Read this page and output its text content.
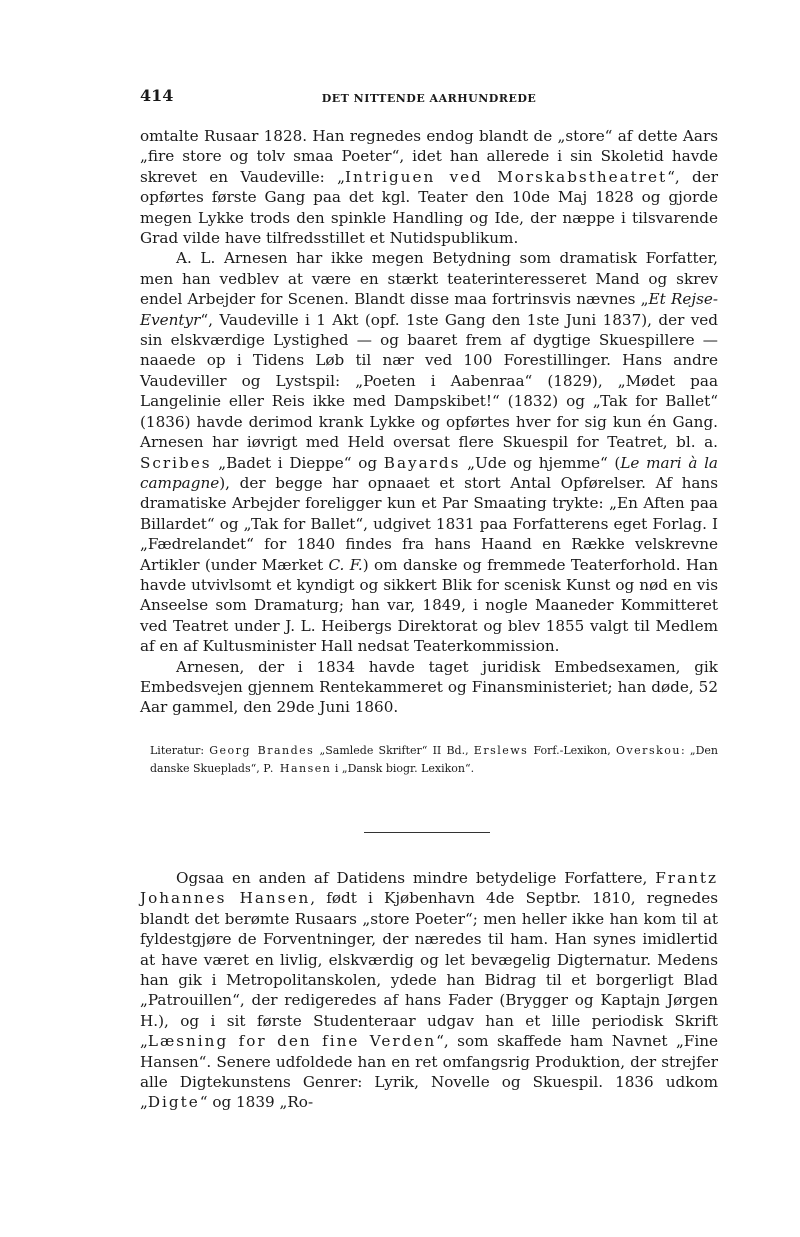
414	DET NITTENDE AARHUNDREDE

omtalte Rusaar 1828. Han regnedes endog blandt de „store“ af dette Aars „fire store og tolv smaa Poeter“, idet han allerede i sin Skoletid havde skrevet en Vaudeville: „Intriguen ved Morskabstheatret“, der opførtes første Gang paa det kgl. Teater den 10de Maj 1828 og gjorde megen Lykke trods den spinkle Handling og Ide, der næppe i tilsvarende Grad vilde have tilfredsstillet et Nutidspublikum.

A. L. Arnesen har ikke megen Betydning som dramatisk Forfatter, men han vedblev at være en stærkt teaterinteresseret Mand og skrev endel Arbejder for Scenen. Blandt disse maa fortrinsvis nævnes „Et Rejse-Eventyr“, Vaudeville i 1 Akt (opf. 1ste Gang den 1ste Juni 1837), der ved sin elskværdige Lystighed — og baaret frem af dygtige Skuespillere — naaede op i Tidens Løb til nær ved 100 Forestillinger. Hans andre Vaudeviller og Lystspil: „Poeten i Aabenraa“ (1829), „Mødet paa Langelinie eller Reis ikke med Dampskibet!“ (1832) og „Tak for Ballet“ (1836) havde derimod krank Lykke og opførtes hver for sig kun én Gang. Arnesen har iøvrigt med Held oversat flere Skuespil for Teatret, bl. a. Scribes „Badet i Dieppe“ og Bayards „Ude og hjemme“ (Le mari à la campagne), der begge har opnaaet et stort Antal Opførelser. Af hans dramatiske Arbejder foreligger kun et Par Smaating trykte: „En Aften paa Billardet“ og „Tak for Ballet“, udgivet 1831 paa Forfatterens eget Forlag. I „Fædrelandet“ for 1840 findes fra hans Haand en Række velskrevne Artikler (under Mærket C. F.) om danske og fremmede Teaterforhold. Han havde utvivlsomt et kyndigt og sikkert Blik for scenisk Kunst og nød en vis Anseelse som Dramaturg; han var, 1849, i nogle Maaneder Kommitteret ved Teatret under J. L. Heibergs Direktorat og blev 1855 valgt til Medlem af en af Kultusminister Hall nedsat Teaterkommission.

Arnesen, der i 1834 havde taget juridisk Embedsexamen, gik Embedsvejen gjennem Rentekammeret og Finansministeriet; han døde, 52 Aar gammel, den 29de Juni 1860.

Literatur: Georg Brandes „Samlede Skrifter“ II Bd., Erslews Forf.-Lexikon, Overskou: „Den danske Skueplads“, P. Hansen i „Dansk biogr. Lexikon“.

Ogsaa en anden af Datidens mindre betydelige Forfattere, Frantz Johannes Hansen, født i Kjøbenhavn 4de Septbr. 1810, regnedes blandt det berømte Rusaars „store Poeter“; men heller ikke han kom til at fyldestgjøre de Forventninger, der næredes til ham. Han synes imidlertid at have været en livlig, elskværdig og let bevægelig Digternatur. Medens han gik i Metropolitanskolen, ydede han Bidrag til et borgerligt Blad „Patrouillen“, der redigeredes af hans Fader (Brygger og Kaptajn Jørgen H.), og i sit første Studenteraar udgav han et lille periodisk Skrift „Læsning for den fine Verden“, som skaffede ham Navnet „Fine Hansen“. Senere udfoldede han en ret omfangsrig Produktion, der strejfer alle Digtekunstens Genrer: Lyrik, Novelle og Skuespil. 1836 udkom „Digte“ og 1839 „Ro-
